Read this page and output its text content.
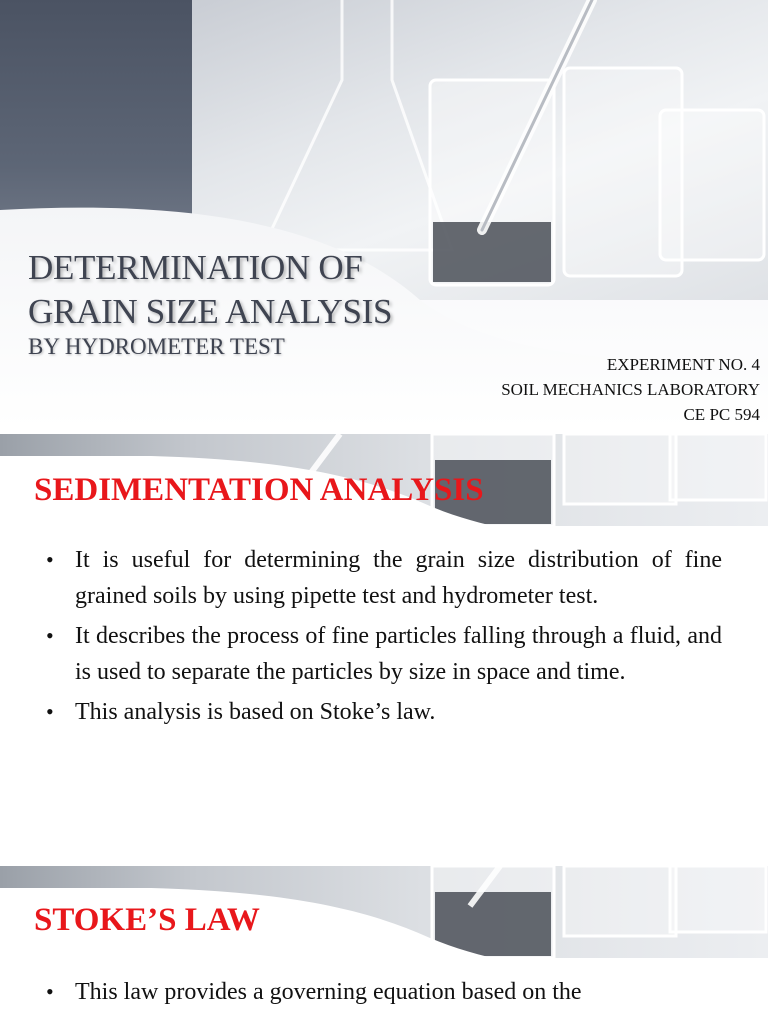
DETERMINATION OF
GRAIN SIZE ANALYSIS
BY HYDROMETER TEST
EXPERIMENT NO. 4
SOIL MECHANICS LABORATORY
CE PC 594
SEDIMENTATION ANALYSIS
• It is useful for determining the grain size distribution of fine grained soils by using pipette test and hydrometer test.
• It describes the process of fine particles falling through a fluid, and is used to separate the particles by size in space and time.
• This analysis is based on Stoke’s law.
STOKE’S LAW
• This law provides a governing equation based on the
